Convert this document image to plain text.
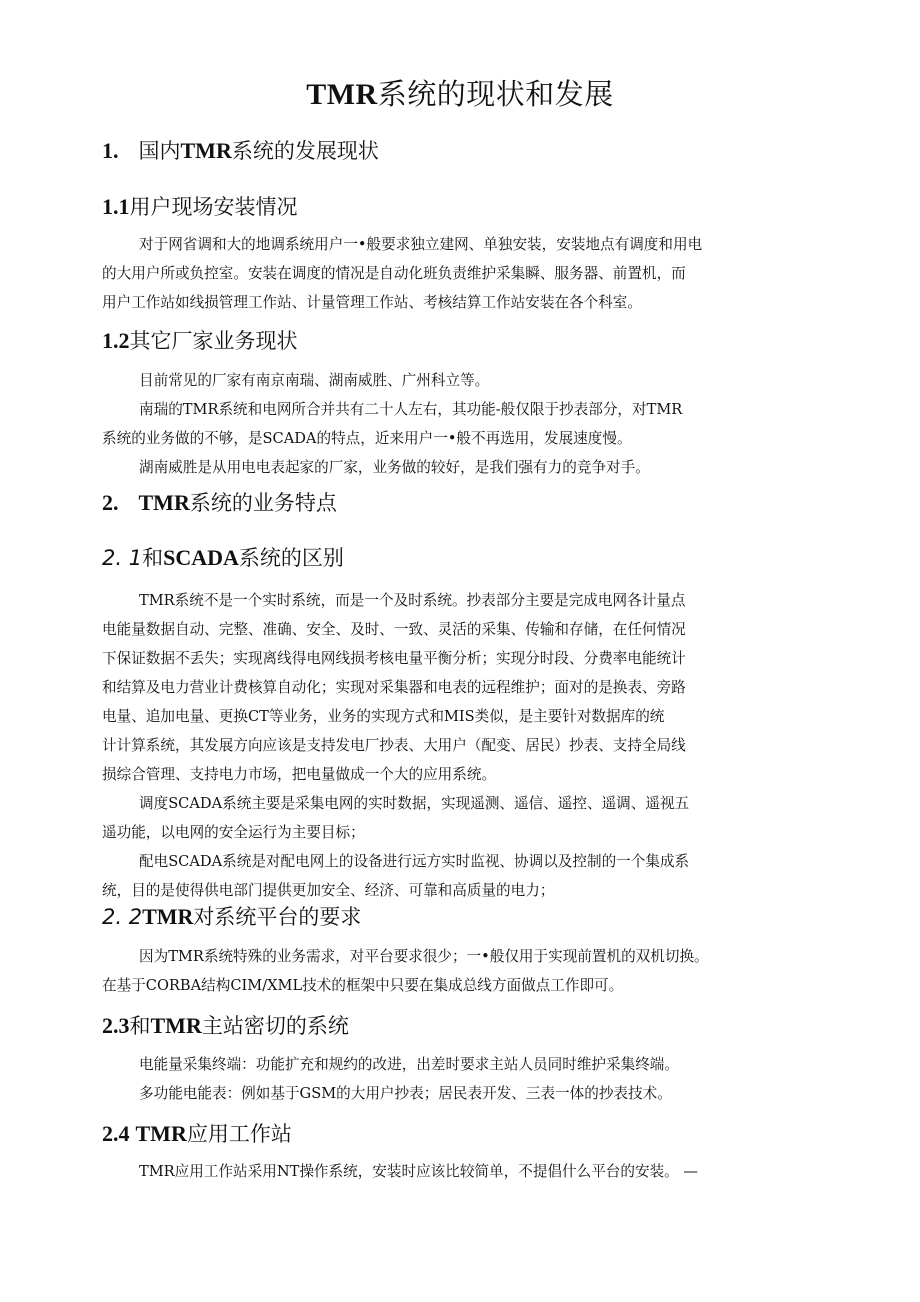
TMR系统的现状和发展
1. 国内TMR系统的发展现状
1.1用户现场安装情况
对于网省调和大的地调系统用户一•般要求独立建网、单独安装，安装地点有调度和用电
的大用户所或负控室。安装在调度的情况是自动化班负责维护采集瞬、服务器、前置机，而
用户工作站如线损管理工作站、计量管理工作站、考核结算工作站安装在各个科室。
1.2其它厂家业务现状
目前常见的厂家有南京南瑞、湖南威胜、广州科立等。
南瑞的TMR系统和电网所合并共有二十人左右，其功能-般仅限于抄表部分，对TMR
系统的业务做的不够，是SCADA的特点，近来用户一•般不再选用，发展速度慢。
湖南威胜是从用电电表起家的厂家，业务做的较好，是我们强有力的竞争对手。
2. TMR系统的业务特点
2. 1和SCADA系统的区别
TMR系统不是一个实时系统，而是一个及时系统。抄表部分主要是完成电网各计量点
电能量数据自动、完整、准确、安全、及时、一致、灵活的采集、传输和存储，在任何情况
下保证数据不丢失；实现离线得电网线损考核电量平衡分析；实现分时段、分费率电能统计
和结算及电力营业计费核算自动化；实现对采集器和电表的远程维护；面对的是换表、旁路
电量、追加电量、更换CT等业务，业务的实现方式和MIS类似，是主要针对数据库的统
计计算系统，其发展方向应该是支持发电厂抄表、大用户（配变、居民）抄表、支持全局线
损综合管理、支持电力市场，把电量做成一个大的应用系统。
调度SCADA系统主要是采集电网的实时数据，实现遥测、遥信、遥控、遥调、遥视五
遥功能，以电网的安全运行为主要目标；
配电SCADA系统是对配电网上的设备进行远方实时监视、协调以及控制的一个集成系
统，目的是使得供电部门提供更加安全、经济、可靠和高质量的电力；
2. 2TMR对系统平台的要求
因为TMR系统特殊的业务需求，对平台要求很少；一•般仅用于实现前置机的双机切换。
在基于CORBA结构CIM/XML技术的框架中只要在集成总线方面做点工作即可。
2.3和TMR主站密切的系统
电能量采集终端：功能扩充和规约的改进，出差时要求主站人员同时维护采集终端。
多功能电能表：例如基于GSM的大用户抄表；居民表开发、三表一体的抄表技术。
2.4 TMR应用工作站
TMR应用工作站采用NT操作系统，安装时应该比较简单，不提倡什么平台的安装。 —
